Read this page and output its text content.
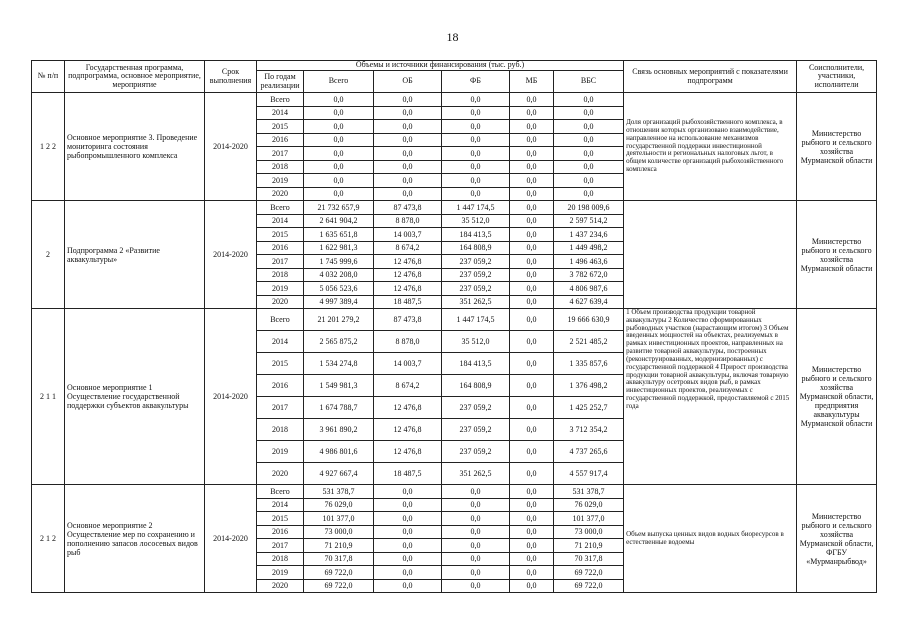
18
№ п/п	Государственная программа, подпрограмма, основное мероприятие, мероприятие	Срок выполнения	Объемы и источники финансирования (тыс. руб.)						Связь основных мероприятий с показателями подпрограмм	Соисполнители, участники, исполнители
			По годам реализации	Всего	ОБ	ФБ	МБ	ВБС		
1 2 2	Основное мероприятие 3. Проведение мониторинга состояния рыбопромышленного комплекса	2014-2020	Всего	0,0	0,0	0,0	0,0	0,0	Доля организаций рыбохозяйственного комплекса, в отношении которых организовано взаимодействие, направленное на использование механизмов государственной поддержки инвестиционной деятельности и региональных налоговых льгот, в общем количестве организаций рыбохозяйственного комплекса	Министерство рыбного и сельского хозяйства Мурманской области
			2014	0,0	0,0	0,0	0,0	0,0		
			2015	0,0	0,0	0,0	0,0	0,0		
			2016	0,0	0,0	0,0	0,0	0,0		
			2017	0,0	0,0	0,0	0,0	0,0		
			2018	0,0	0,0	0,0	0,0	0,0		
			2019	0,0	0,0	0,0	0,0	0,0		
			2020	0,0	0,0	0,0	0,0	0,0		
2	Подпрограмма 2 «Развитие аквакультуры»	2014-2020	Всего	21 732 657,9	87 473,8	1 447 174,5	0,0	20 198 009,6		Министерство рыбного и сельского хозяйства Мурманской области
			2014	2 641 904,2	8 878,0	35 512,0	0,0	2 597 514,2		
			2015	1 635 651,8	14 003,7	184 413,5	0,0	1 437 234,6		
			2016	1 622 981,3	8 674,2	164 808,9	0,0	1 449 498,2		
			2017	1 745 999,6	12 476,8	237 059,2	0,0	1 496 463,6		
			2018	4 032 208,0	12 476,8	237 059,2	0,0	3 782 672,0		
			2019	5 056 523,6	12 476,8	237 059,2	0,0	4 806 987,6		
			2020	4 997 389,4	18 487,5	351 262,5	0,0	4 627 639,4		
2 1 1	Основное мероприятие 1 Осуществление государственной поддержки субъектов аквакультуры	2014-2020	Всего	21 201 279,2	87 473,8	1 447 174,5	0,0	19 666 630,9	1 Объем производства продукции товарной аквакультуры 2 Количество сформированных рыбоводных участков (нарастающим итогом) 3 Объем введенных мощностей на объектах, реализуемых в рамках инвестиционных проектов, направленных на развитие товарной аквакультуры, построенных (реконструированных, модернизированных) с государственной поддержкой 4 Прирост производства продукции товарной аквакультуры, включая товарную аквакультуру осетровых видов рыб, в рамках инвестиционных проектов, реализуемых с государственной поддержкой, предоставляемой с 2015 года	Министерство рыбного и сельского хозяйства Мурманской области, предприятия аквакультуры Мурманской области
			2014	2 565 875,2	8 878,0	35 512,0	0,0	2 521 485,2		
			2015	1 534 274,8	14 003,7	184 413,5	0,0	1 335 857,6		
			2016	1 549 981,3	8 674,2	164 808,9	0,0	1 376 498,2		
			2017	1 674 788,7	12 476,8	237 059,2	0,0	1 425 252,7		
			2018	3 961 890,2	12 476,8	237 059,2	0,0	3 712 354,2		
			2019	4 986 801,6	12 476,8	237 059,2	0,0	4 737 265,6		
			2020	4 927 667,4	18 487,5	351 262,5	0,0	4 557 917,4		
2 1 2	Основное мероприятие 2 Осуществление мер по сохранению и пополнению запасов лососевых видов рыб	2014-2020	Всего	531 378,7	0,0	0,0	0,0	531 378,7	Объем выпуска ценных видов водных биоресурсов в естественные водоемы	Министерство рыбного и сельского хозяйства Мурманской области, ФГБУ «Мурманрыбвод»
			2014	76 029,0	0,0	0,0	0,0	76 029,0		
			2015	101 377,0	0,0	0,0	0,0	101 377,0		
			2016	73 000,0	0,0	0,0	0,0	73 000,0		
			2017	71 210,9	0,0	0,0	0,0	71 210,9		
			2018	70 317,8	0,0	0,0	0,0	70 317,8		
			2019	69 722,0	0,0	0,0	0,0	69 722,0		
			2020	69 722,0	0,0	0,0	0,0	69 722,0		
